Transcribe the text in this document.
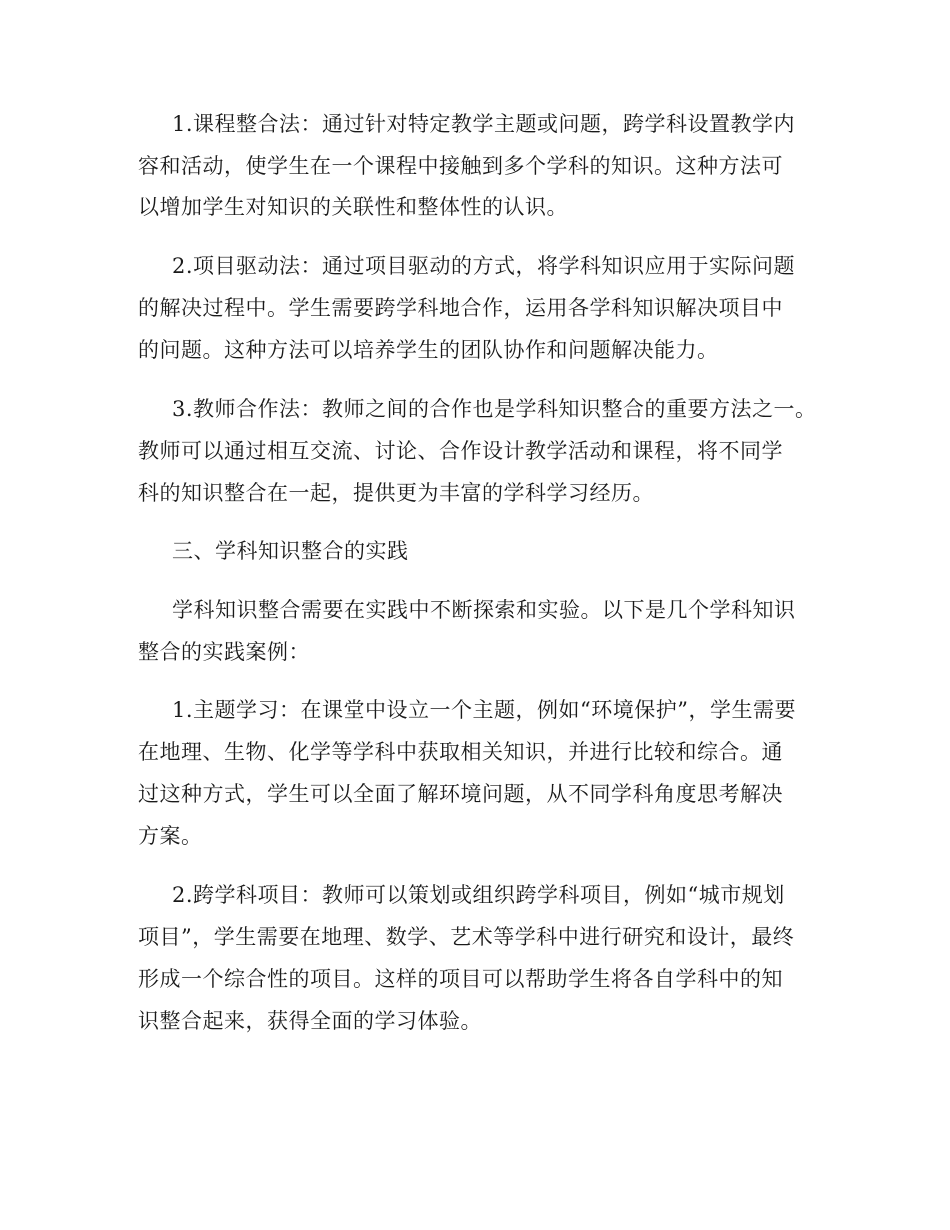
1.课程整合法：通过针对特定教学主题或问题，跨学科设置教学内
容和活动，使学生在一个课程中接触到多个学科的知识。这种方法可
以增加学生对知识的关联性和整体性的认识。
2.项目驱动法：通过项目驱动的方式，将学科知识应用于实际问题
的解决过程中。学生需要跨学科地合作，运用各学科知识解决项目中
的问题。这种方法可以培养学生的团队协作和问题解决能力。
3.教师合作法：教师之间的合作也是学科知识整合的重要方法之一。
教师可以通过相互交流、讨论、合作设计教学活动和课程，将不同学
科的知识整合在一起，提供更为丰富的学科学习经历。
三、学科知识整合的实践
学科知识整合需要在实践中不断探索和实验。以下是几个学科知识
整合的实践案例：
1.主题学习：在课堂中设立一个主题，例如“环境保护”，学生需要
在地理、生物、化学等学科中获取相关知识，并进行比较和综合。通
过这种方式，学生可以全面了解环境问题，从不同学科角度思考解决
方案。
2.跨学科项目：教师可以策划或组织跨学科项目，例如“城市规划
项目”，学生需要在地理、数学、艺术等学科中进行研究和设计，最终
形成一个综合性的项目。这样的项目可以帮助学生将各自学科中的知
识整合起来，获得全面的学习体验。
